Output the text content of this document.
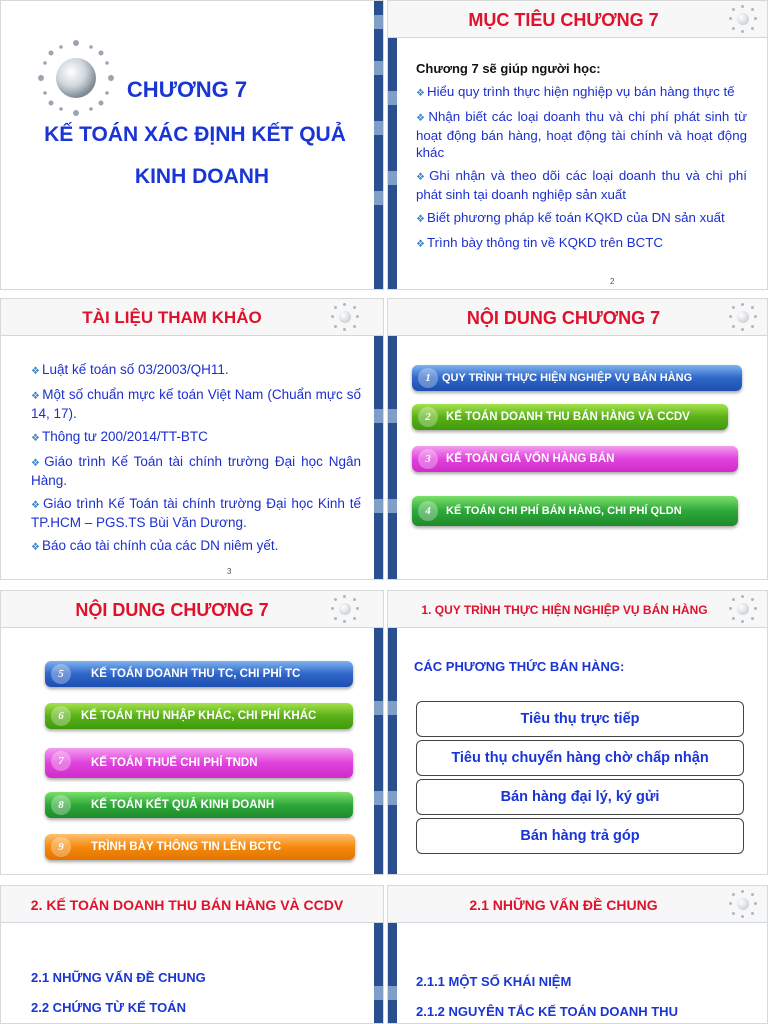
CHƯƠNG 7
KẾ TOÁN XÁC ĐỊNH KẾT QUẢ
KINH DOANH
MỤC TIÊU CHƯƠNG 7
Chương 7 sẽ giúp người học:
❖ Hiểu quy trình thực hiện nghiệp vụ bán hàng thực tế
❖ Nhận biết các loại doanh thu và chi phí phát sinh từ hoạt động bán hàng, hoạt động tài chính và hoạt động khác
❖ Ghi nhận và theo dõi các loại doanh thu và chi phí phát sinh tại doanh nghiệp sản xuất
❖ Biết phương pháp kế toán KQKD của DN sản xuất
❖ Trình bày thông tin về KQKD trên BCTC
2
TÀI LIỆU THAM KHẢO
❖ Luật kế toán số 03/2003/QH11.
❖ Một số chuẩn mực kế toán Việt Nam (Chuẩn mực số 14, 17).
❖ Thông tư 200/2014/TT-BTC
❖ Giáo trình Kế Toán tài chính trường Đại học Ngân Hàng.
❖ Giáo trình Kế Toán tài chính trường Đại học Kinh tế TP.HCM – PGS.TS Bùi Văn Dương.
❖ Báo cáo tài chính của các DN niêm yết.
3
NỘI DUNG CHƯƠNG 7
1	QUY TRÌNH THỰC HIỆN NGHIỆP VỤ BÁN HÀNG
2	KẾ TOÁN DOANH THU BÁN HÀNG VÀ CCDV
3	KẾ TOÁN GIÁ VỐN HÀNG BÁN
4	KẾ TOÁN CHI PHÍ BÁN HÀNG, CHI PHÍ QLDN
NỘI DUNG CHƯƠNG 7
5	KẾ TOÁN DOANH THU TC, CHI PHÍ TC
6	KẾ TOÁN THU NHẬP KHÁC, CHI PHÍ KHÁC
7	KẾ TOÁN THUẾ CHI PHÍ TNDN
8	KẾ TOÁN KẾT QUẢ KINH DOANH
9	TRÌNH BÀY THÔNG TIN LÊN BCTC
1. QUY TRÌNH THỰC HIỆN NGHIỆP VỤ BÁN HÀNG
CÁC PHƯƠNG THỨC BÁN HÀNG:
Tiêu thụ trực tiếp
Tiêu thụ chuyển hàng chờ chấp nhận
Bán hàng đại lý, ký gửi
Bán hàng trả góp
2. KẾ TOÁN DOANH THU BÁN HÀNG VÀ CCDV
2.1 NHỮNG VẤN ĐỀ CHUNG
2.2 CHỨNG TỪ KẾ TOÁN
2.1 NHỮNG VẤN ĐỀ CHUNG
2.1.1 MỘT SỐ KHÁI NIỆM
2.1.2 NGUYÊN TẮC KẾ TOÁN DOANH THU
